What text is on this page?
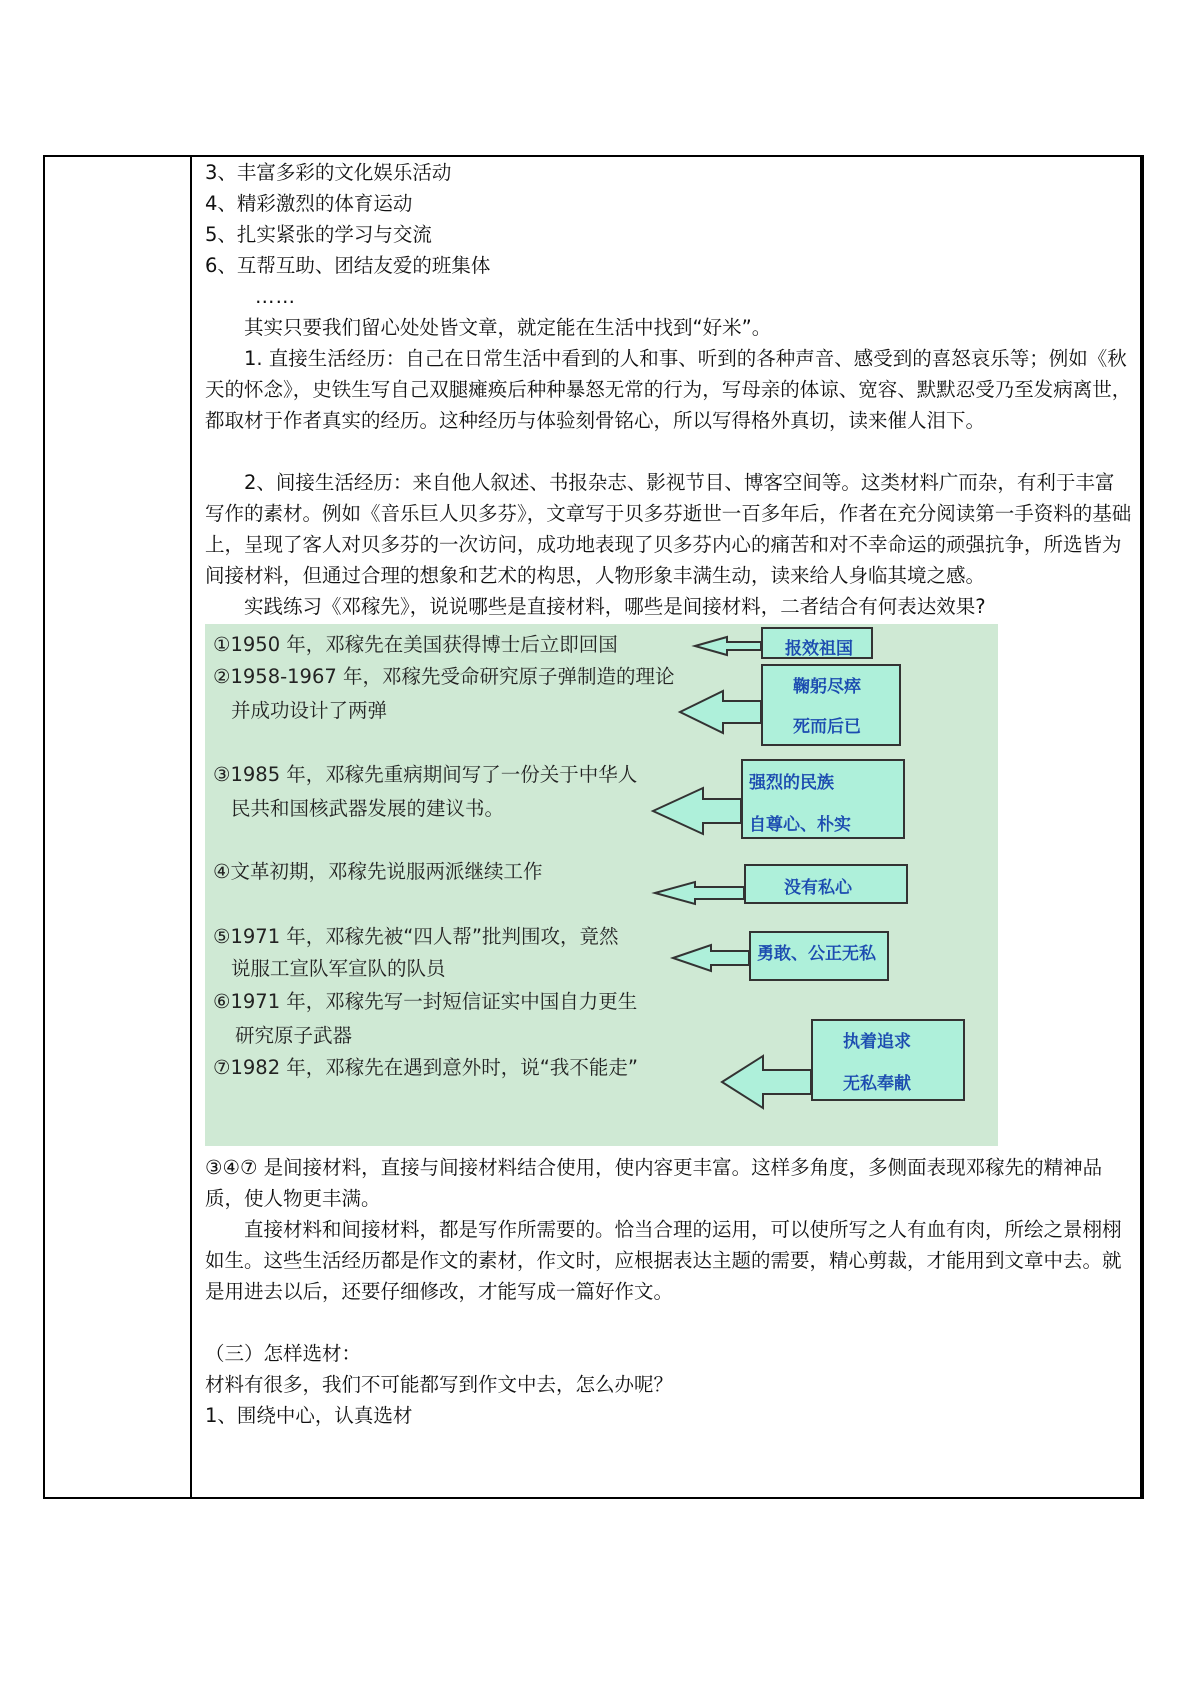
3、丰富多彩的文化娱乐活动

4、精彩激烈的体育运动

5、扎实紧张的学习与交流

6、互帮互助、团结友爱的班集体

……

其实只要我们留心处处皆文章，就定能在生活中找到“好米”。

1. 直接生活经历：自己在日常生活中看到的人和事、听到的各种声音、感受到的喜怒哀乐等；例如《秋天的怀念》，史铁生写自己双腿瘫痪后种种暴怒无常的行为，写母亲的体谅、宽容、默默忍受乃至发病离世，都取材于作者真实的经历。这种经历与体验刻骨铭心，所以写得格外真切，读来催人泪下。

2、间接生活经历：来自他人叙述、书报杂志、影视节目、博客空间等。这类材料广而杂，有利于丰富写作的素材。例如《音乐巨人贝多芬》，文章写于贝多芬逝世一百多年后，作者在充分阅读第一手资料的基础上，呈现了客人对贝多芬的一次访问，成功地表现了贝多芬内心的痛苦和对不幸命运的顽强抗争，所选皆为间接材料，但通过合理的想象和艺术的构思，人物形象丰满生动，读来给人身临其境之感。

实践练习《邓稼先》，说说哪些是直接材料，哪些是间接材料，二者结合有何表达效果?

①1950 年，邓稼先在美国获得博士后立即回国
②1958-1967 年，邓稼先受命研究原子弹制造的理论
并成功设计了两弹
③1985 年，邓稼先重病期间写了一份关于中华人
民共和国核武器发展的建议书。
④文革初期，邓稼先说服两派继续工作
⑤1971 年，邓稼先被“四人帮”批判围攻，竟然
说服工宣队军宣队的队员
⑥1971 年，邓稼先写一封短信证实中国自力更生
研究原子武器
⑦1982 年，邓稼先在遇到意外时，说“我不能走”
报效祖国
鞠躬尽瘁
死而后已
强烈的民族
自尊心、朴实
没有私心
勇敢、公正无私
执着追求
无私奉献

③④⑦ 是间接材料，直接与间接材料结合使用，使内容更丰富。这样多角度，多侧面表现邓稼先的精神品质，使人物更丰满。

直接材料和间接材料，都是写作所需要的。恰当合理的运用，可以使所写之人有血有肉，所绘之景栩栩如生。这些生活经历都是作文的素材，作文时，应根据表达主题的需要，精心剪裁，才能用到文章中去。就是用进去以后，还要仔细修改，才能写成一篇好作文。

（三）怎样选材：

材料有很多，我们不可能都写到作文中去，怎么办呢？

1、围绕中心，认真选材
